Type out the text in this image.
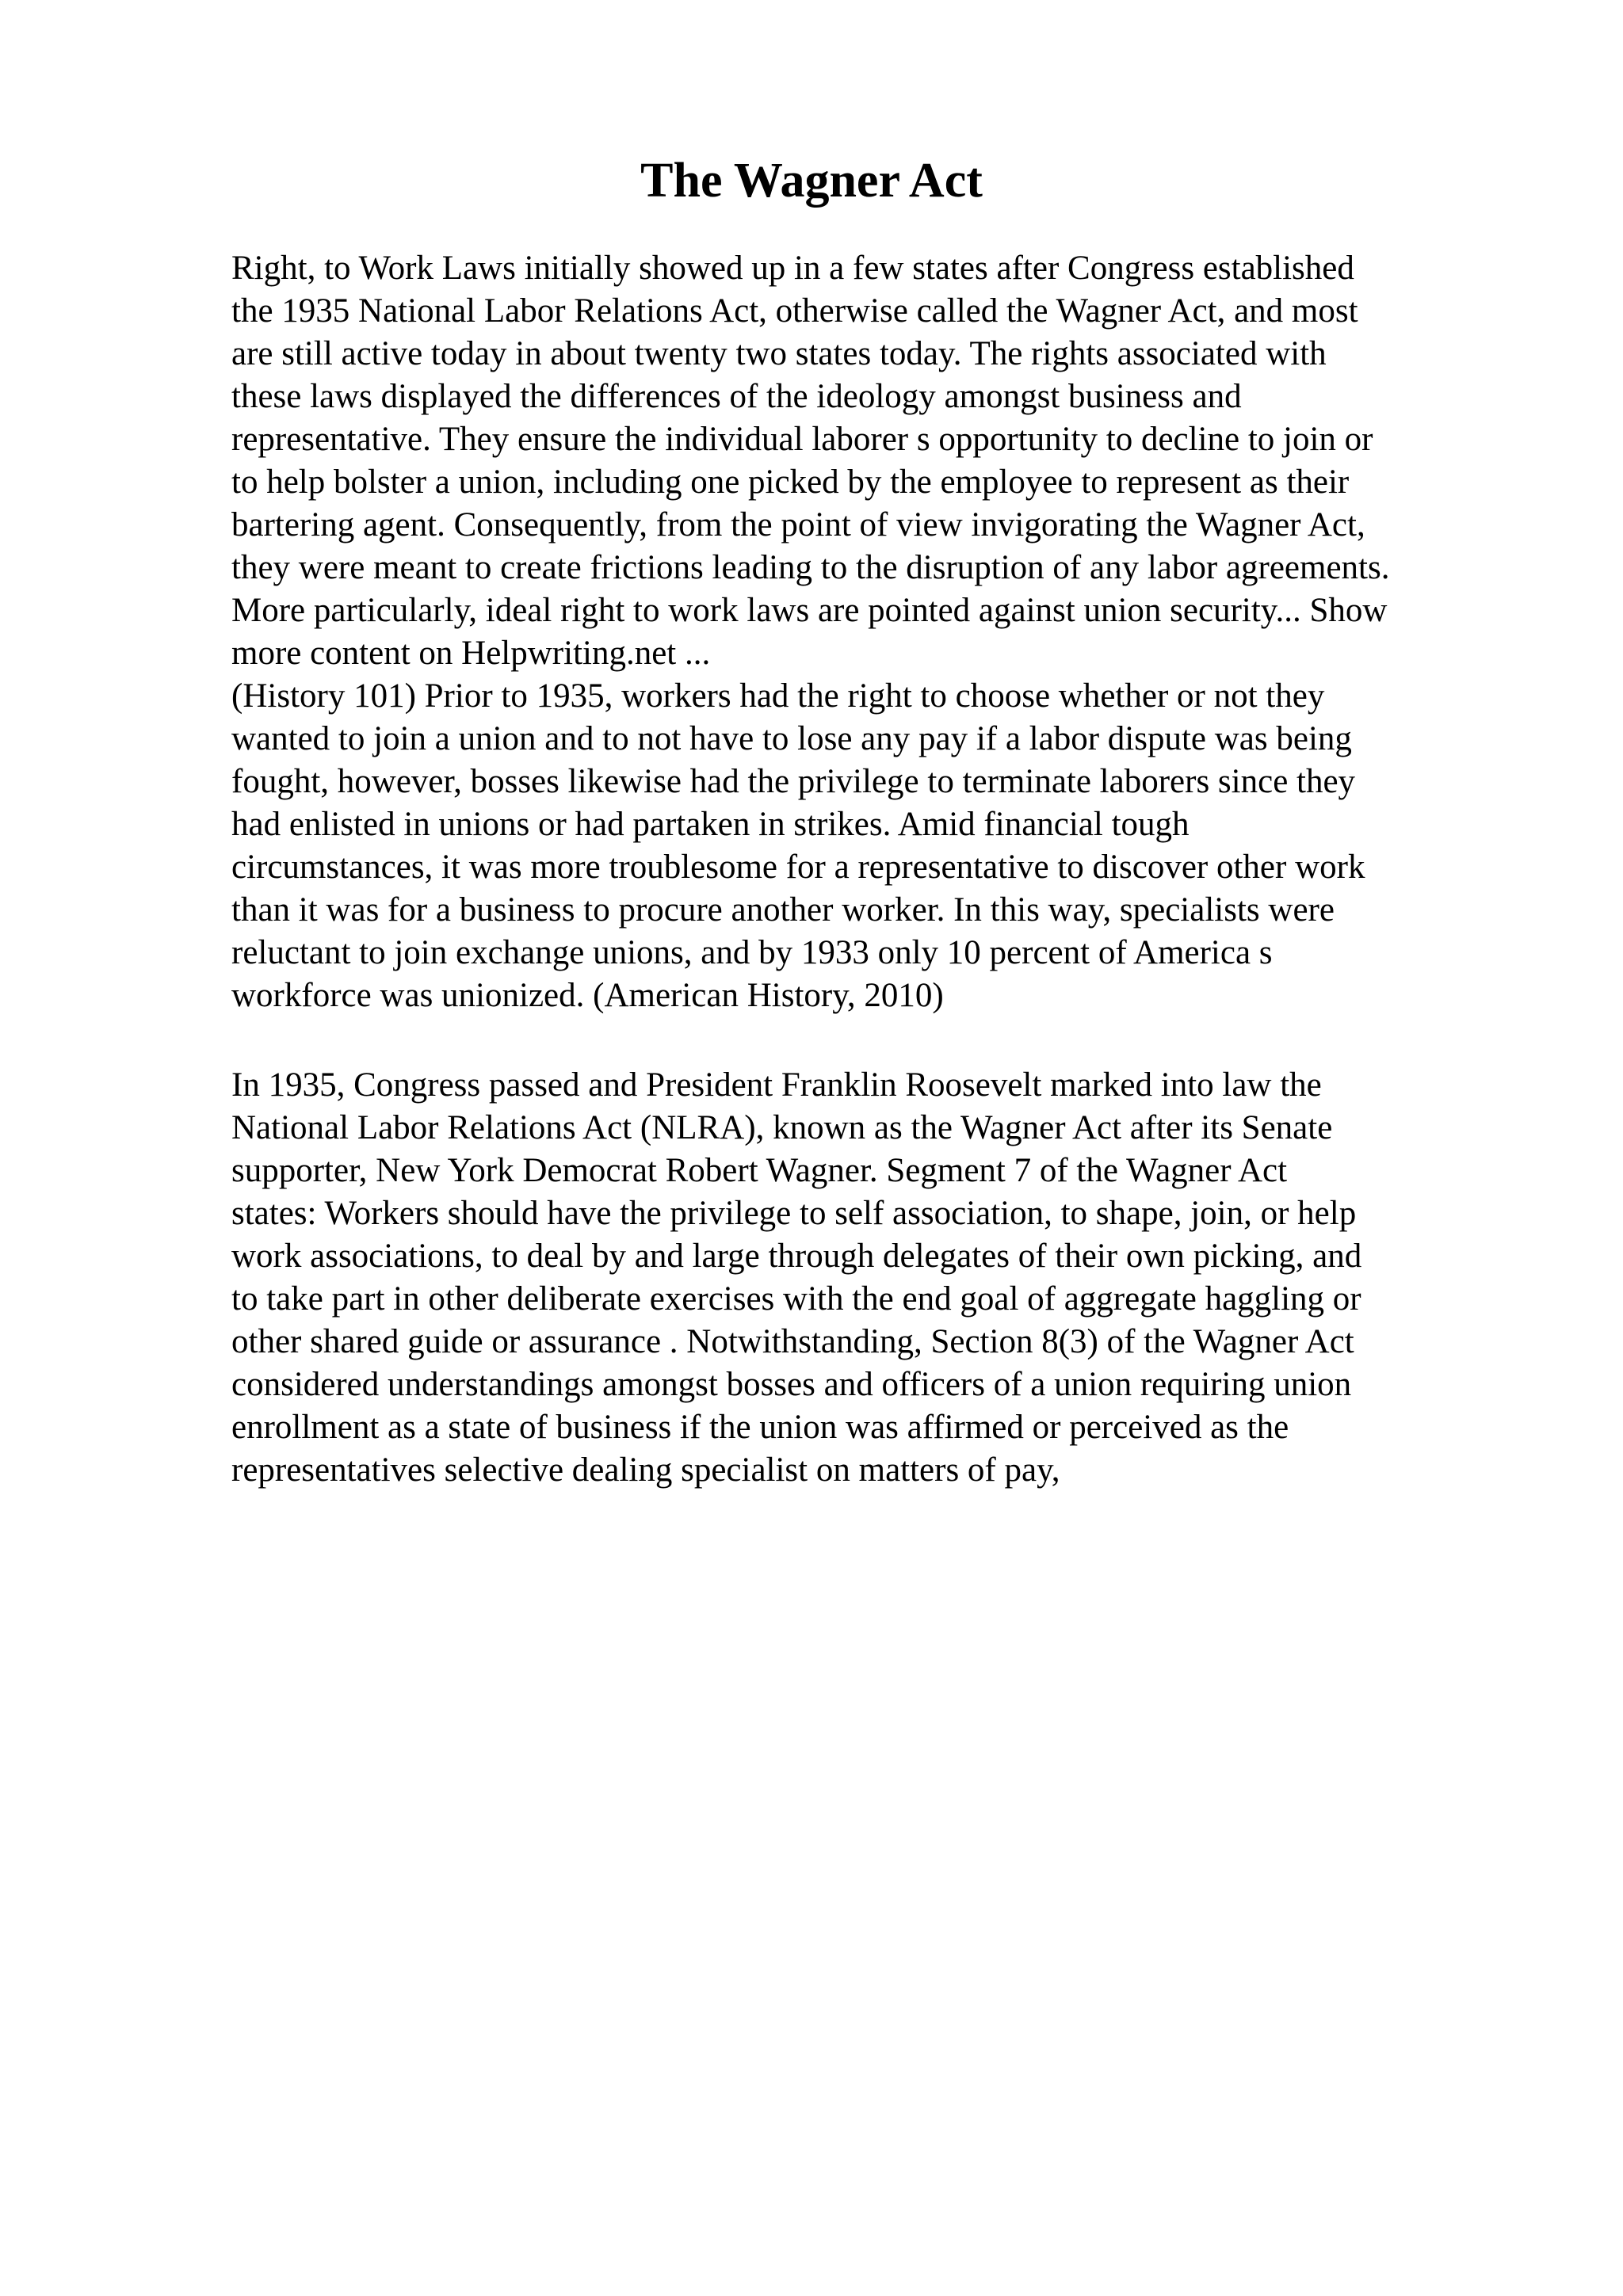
The Wagner Act
Right, to Work Laws initially showed up in a few states after Congress established
the 1935 National Labor Relations Act, otherwise called the Wagner Act, and most
are still active today in about twenty two states today. The rights associated with
these laws displayed the differences of the ideology amongst business and
representative. They ensure the individual laborer s opportunity to decline to join or
to help bolster a union, including one picked by the employee to represent as their
bartering agent. Consequently, from the point of view invigorating the Wagner Act,
they were meant to create frictions leading to the disruption of any labor agreements.
More particularly, ideal right to work laws are pointed against union security... Show
more content on Helpwriting.net ...
(History 101) Prior to 1935, workers had the right to choose whether or not they
wanted to join a union and to not have to lose any pay if a labor dispute was being
fought, however, bosses likewise had the privilege to terminate laborers since they
had enlisted in unions or had partaken in strikes. Amid financial tough
circumstances, it was more troublesome for a representative to discover other work
than it was for a business to procure another worker. In this way, specialists were
reluctant to join exchange unions, and by 1933 only 10 percent of America s
workforce was unionized. (American History, 2010)
In 1935, Congress passed and President Franklin Roosevelt marked into law the
National Labor Relations Act (NLRA), known as the Wagner Act after its Senate
supporter, New York Democrat Robert Wagner. Segment 7 of the Wagner Act
states: Workers should have the privilege to self association, to shape, join, or help
work associations, to deal by and large through delegates of their own picking, and
to take part in other deliberate exercises with the end goal of aggregate haggling or
other shared guide or assurance . Notwithstanding, Section 8(3) of the Wagner Act
considered understandings amongst bosses and officers of a union requiring union
enrollment as a state of business if the union was affirmed or perceived as the
representatives selective dealing specialist on matters of pay,
